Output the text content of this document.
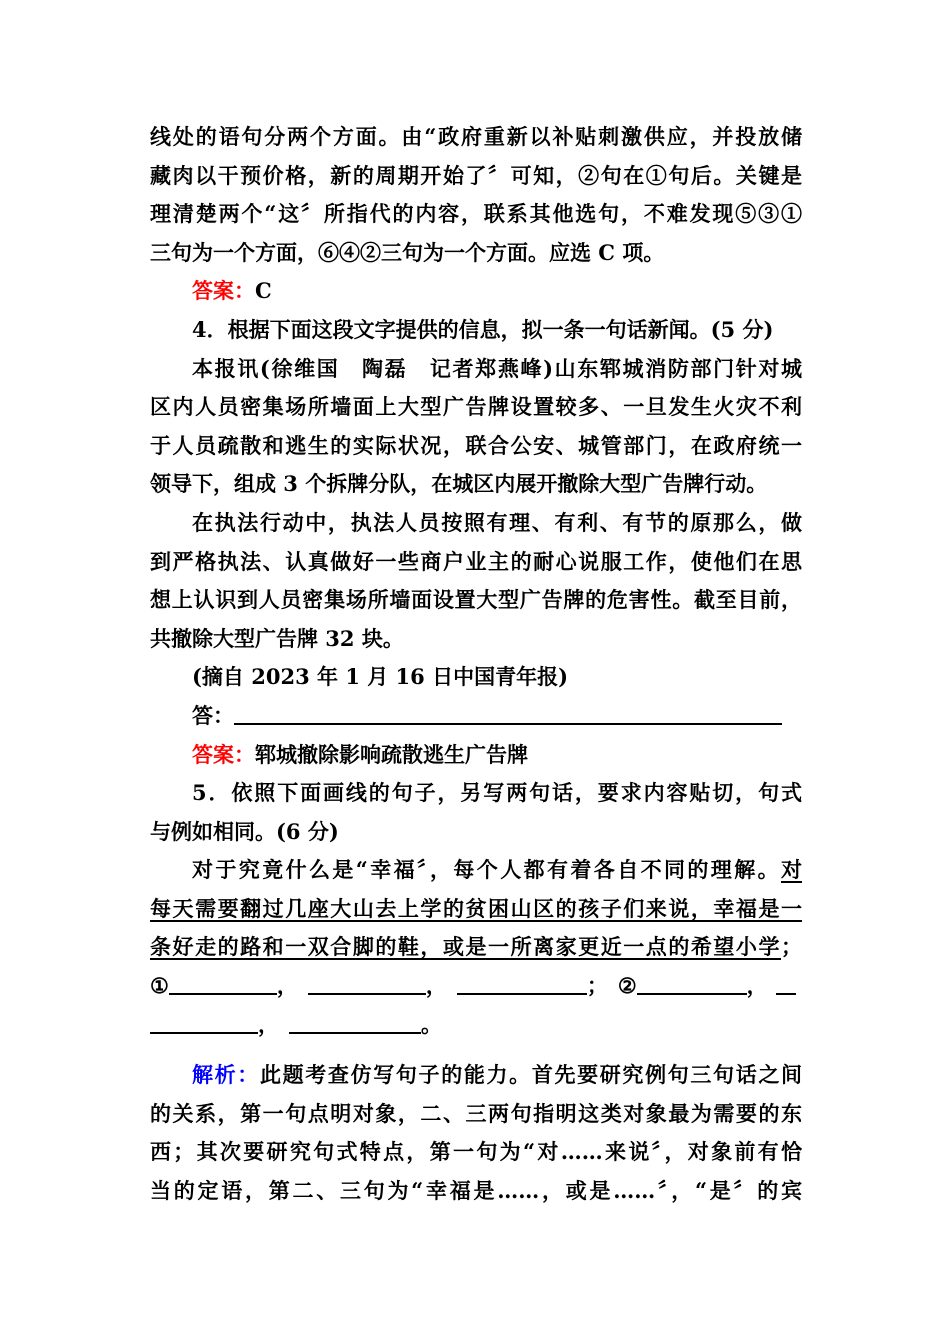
线处的语句分两个方面。由“政府重新以补贴刺激供应，并投放储
藏肉以干预价格，新的周期开始了〞可知，②句在①句后。关键是
理清楚两个“这〞所指代的内容，联系其他选句，不难发现⑤③①
三句为一个方面，⑥④②三句为一个方面。应选 C 项。
答案：C
4．根据下面这段文字提供的信息，拟一条一句话新闻。(5 分)
本报讯(徐维国　陶磊　记者郑燕峰)山东郓城消防部门针对城
区内人员密集场所墙面上大型广告牌设置较多、一旦发生火灾不利
于人员疏散和逃生的实际状况，联合公安、城管部门，在政府统一
领导下，组成 3 个拆牌分队，在城区内展开撤除大型广告牌行动。
在执法行动中，执法人员按照有理、有利、有节的原那么，做
到严格执法、认真做好一些商户业主的耐心说服工作，使他们在思
想上认识到人员密集场所墙面设置大型广告牌的危害性。截至目前，
共撤除大型广告牌 32 块。
(摘自 2023 年 1 月 16 日中国青年报)
答：
答案：郓城撤除影响疏散逃生广告牌
5．依照下面画线的句子，另写两句话，要求内容贴切，句式
与例如相同。(6 分)
对于究竟什么是“幸福〞，每个人都有着各自不同的理解。对
每天需要翻过几座大山去上学的贫困山区的孩子们来说，幸福是一
条好走的路和一双合脚的鞋，或是一所离家更近一点的希望小学；
①	，	，	； ②	，
，	。
解析：此题考查仿写句子的能力。首先要研究例句三句话之间
的关系，第一句点明对象，二、三两句指明这类对象最为需要的东
西；其次要研究句式特点，第一句为“对……来说〞，对象前有恰
当的定语，第二、三句为“幸福是……，或是……〞，“是〞的宾
